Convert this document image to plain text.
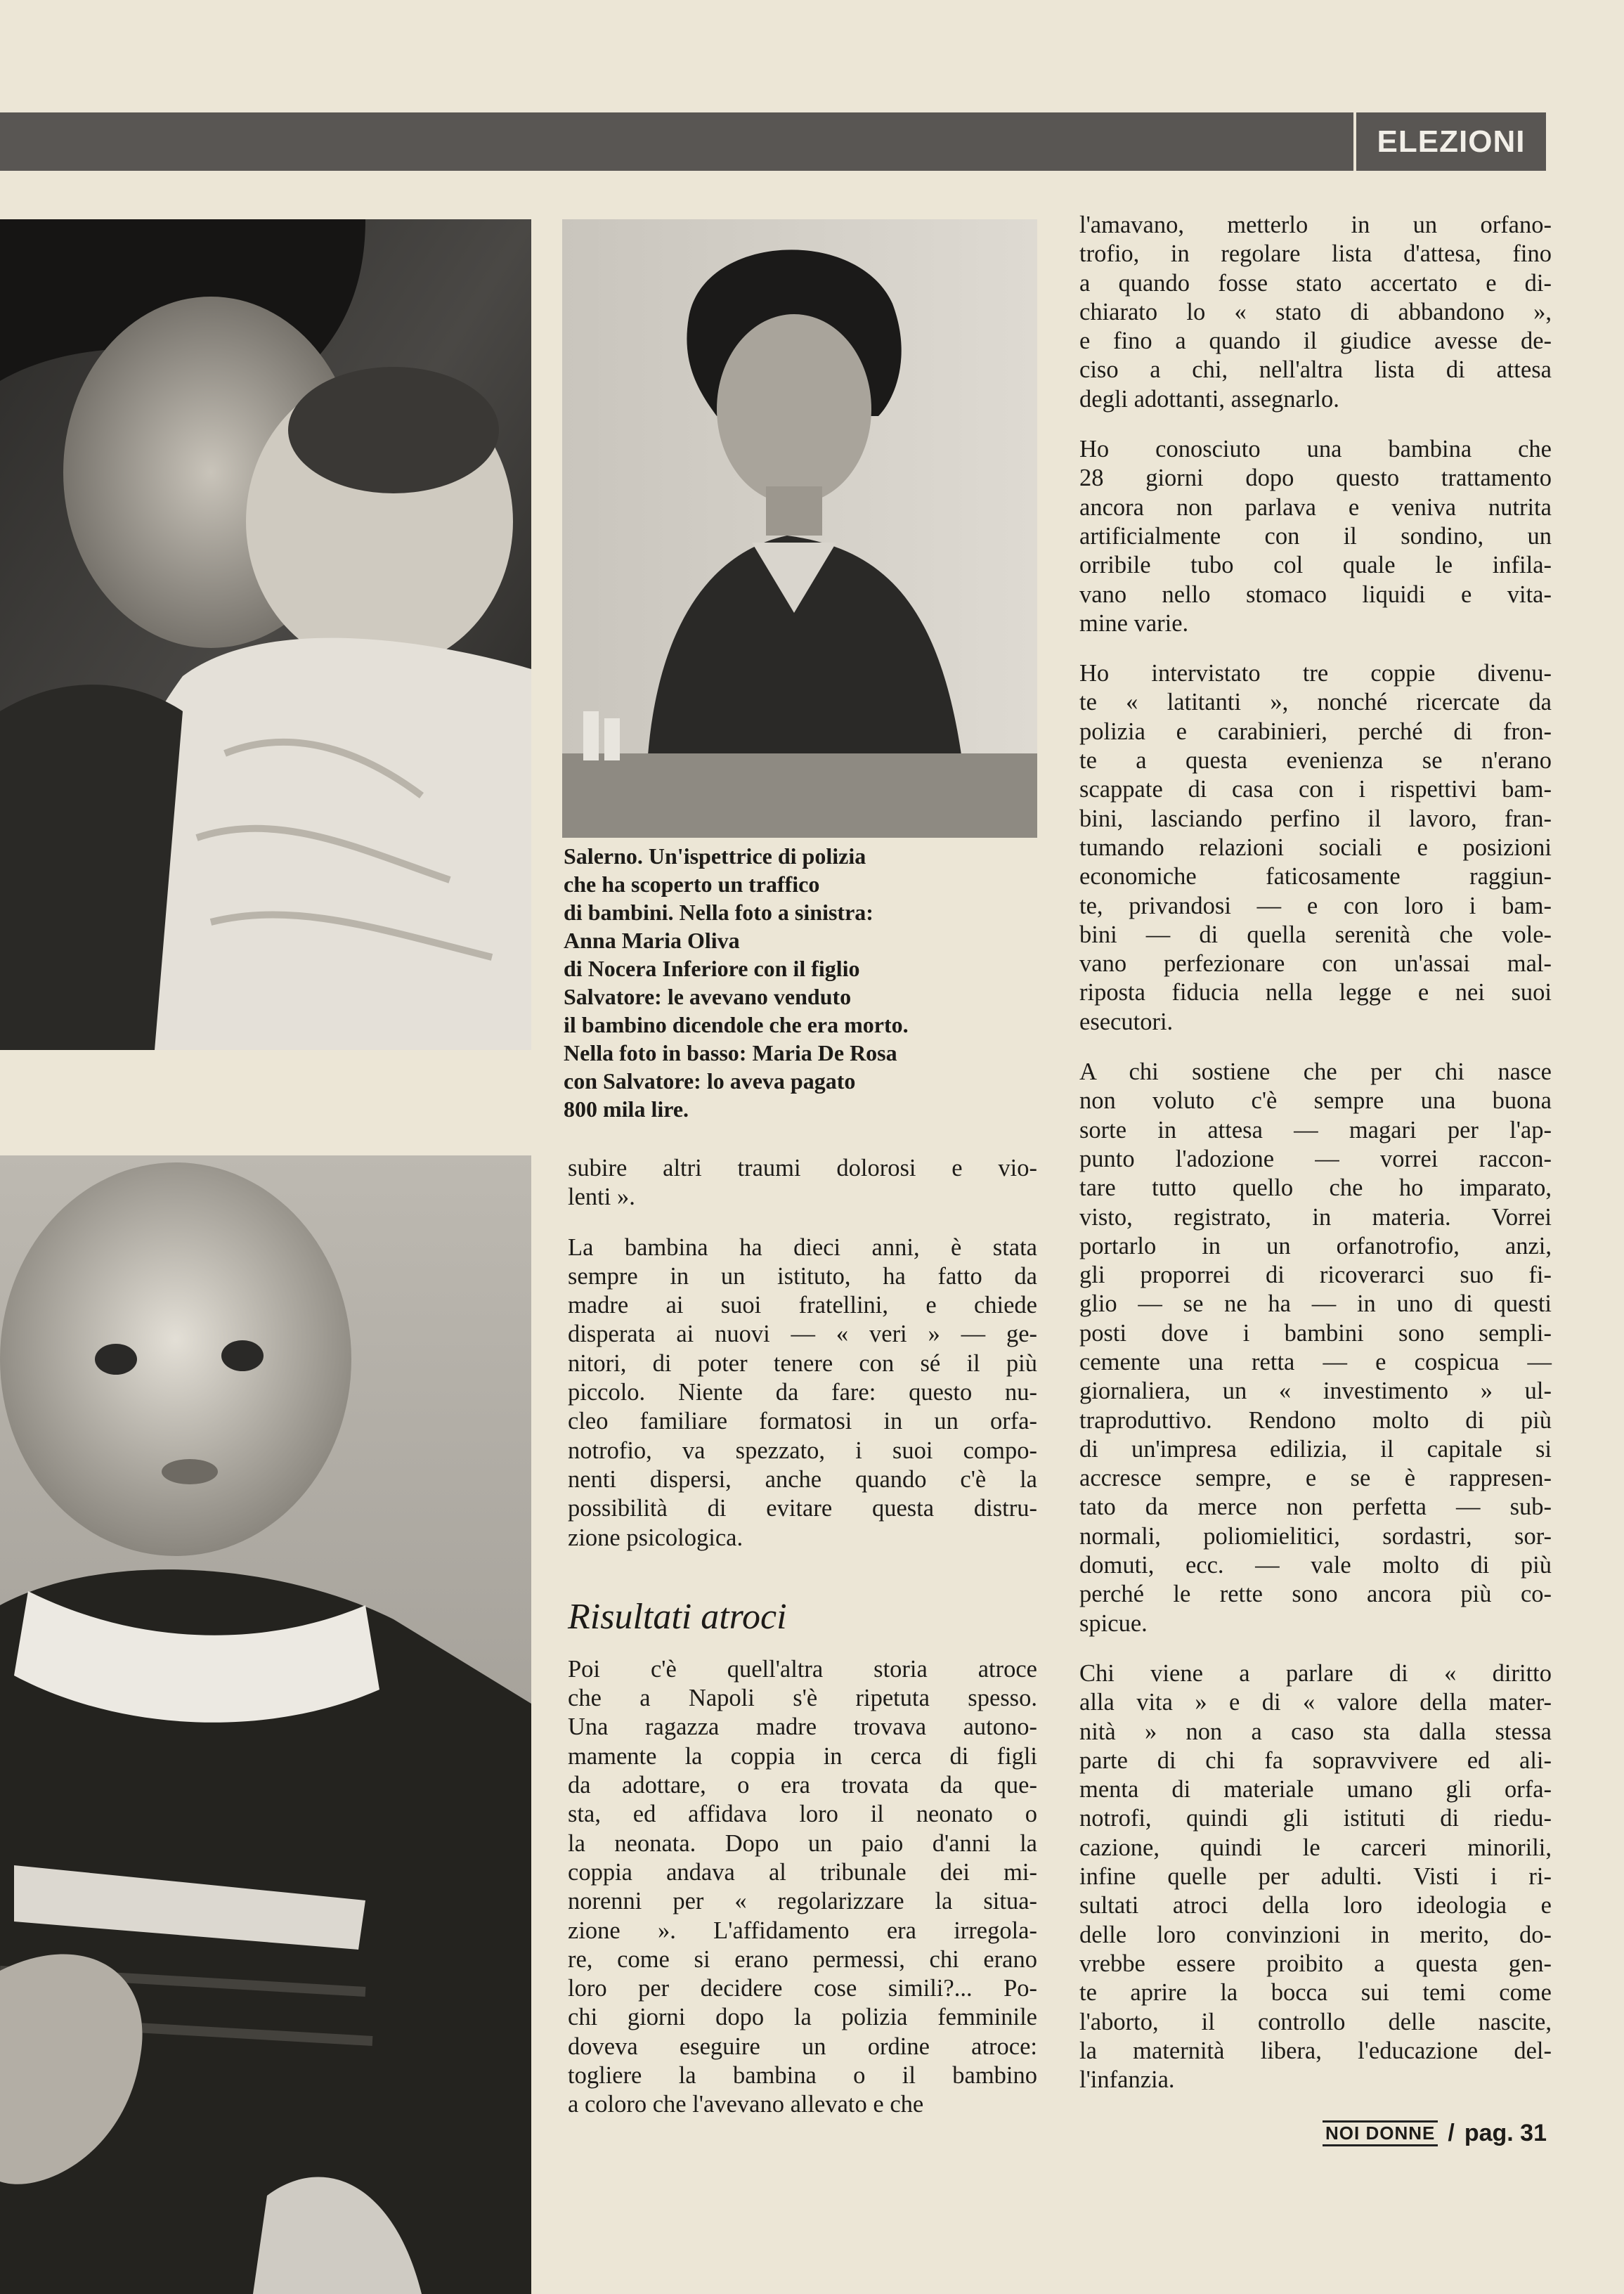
ELEZIONI
Salerno. Un'ispettrice di polizia
che ha scoperto un traffico
di bambini. Nella foto a sinistra:
Anna Maria Oliva
di Nocera Inferiore con il figlio
Salvatore: le avevano venduto
il bambino dicendole che era morto.
Nella foto in basso: Maria De Rosa
con Salvatore: lo aveva pagato
800 mila lire.

subire altri traumi dolorosi e vio-
lenti ».

La bambina ha dieci anni, è stata
sempre in un istituto, ha fatto da
madre ai suoi fratellini, e chiede
disperata ai nuovi — « veri » — ge-
nitori, di poter tenere con sé il più
piccolo. Niente da fare: questo nu-
cleo familiare formatosi in un orfa-
notrofio, va spezzato, i suoi compo-
nenti dispersi, anche quando c'è la
possibilità di evitare questa distru-
zione psicologica.

Risultati atroci

Poi c'è quell'altra storia atroce
che a Napoli s'è ripetuta spesso.
Una ragazza madre trovava autono-
mamente la coppia in cerca di figli
da adottare, o era trovata da que-
sta, ed affidava loro il neonato o
la neonata. Dopo un paio d'anni la
coppia andava al tribunale dei mi-
norenni per « regolarizzare la situa-
zione ». L'affidamento era irregola-
re, come si erano permessi, chi erano
loro per decidere cose simili?... Po-
chi giorni dopo la polizia femminile
doveva eseguire un ordine atroce:
togliere la bambina o il bambino
a coloro che l'avevano allevato e che

l'amavano, metterlo in un orfano-
trofio, in regolare lista d'attesa, fino
a quando fosse stato accertato e di-
chiarato lo « stato di abbandono »,
e fino a quando il giudice avesse de-
ciso a chi, nell'altra lista di attesa
degli adottanti, assegnarlo.

Ho conosciuto una bambina che
28 giorni dopo questo trattamento
ancora non parlava e veniva nutrita
artificialmente con il sondino, un
orribile tubo col quale le infila-
vano nello stomaco liquidi e vita-
mine varie.

Ho intervistato tre coppie divenu-
te « latitanti », nonché ricercate da
polizia e carabinieri, perché di fron-
te a questa evenienza se n'erano
scappate di casa con i rispettivi bam-
bini, lasciando perfino il lavoro, fran-
tumando relazioni sociali e posizioni
economiche faticosamente raggiun-
te, privandosi — e con loro i bam-
bini — di quella serenità che vole-
vano perfezionare con un'assai mal-
riposta fiducia nella legge e nei suoi
esecutori.

A chi sostiene che per chi nasce
non voluto c'è sempre una buona
sorte in attesa — magari per l'ap-
punto l'adozione — vorrei raccon-
tare tutto quello che ho imparato,
visto, registrato, in materia. Vorrei
portarlo in un orfanotrofio, anzi,
gli proporrei di ricoverarci suo fi-
glio — se ne ha — in uno di questi
posti dove i bambini sono sempli-
cemente una retta — e cospicua —
giornaliera, un « investimento » ul-
traproduttivo. Rendono molto di più
di un'impresa edilizia, il capitale si
accresce sempre, e se è rappresen-
tato da merce non perfetta — sub-
normali, poliomielitici, sordastri, sor-
domuti, ecc. — vale molto di più
perché le rette sono ancora più co-
spicue.

Chi viene a parlare di « diritto
alla vita » e di « valore della mater-
nità » non a caso sta dalla stessa
parte di chi fa sopravvivere ed ali-
menta di materiale umano gli orfa-
notrofi, quindi gli istituti di riedu-
cazione, quindi le carceri minorili,
infine quelle per adulti. Visti i ri-
sultati atroci della loro ideologia e
delle loro convinzioni in merito, do-
vrebbe essere proibito a questa gen-
te aprire la bocca sui temi come
l'aborto, il controllo delle nascite,
la maternità libera, l'educazione del-
l'infanzia.

NOI DONNE / pag. 31
